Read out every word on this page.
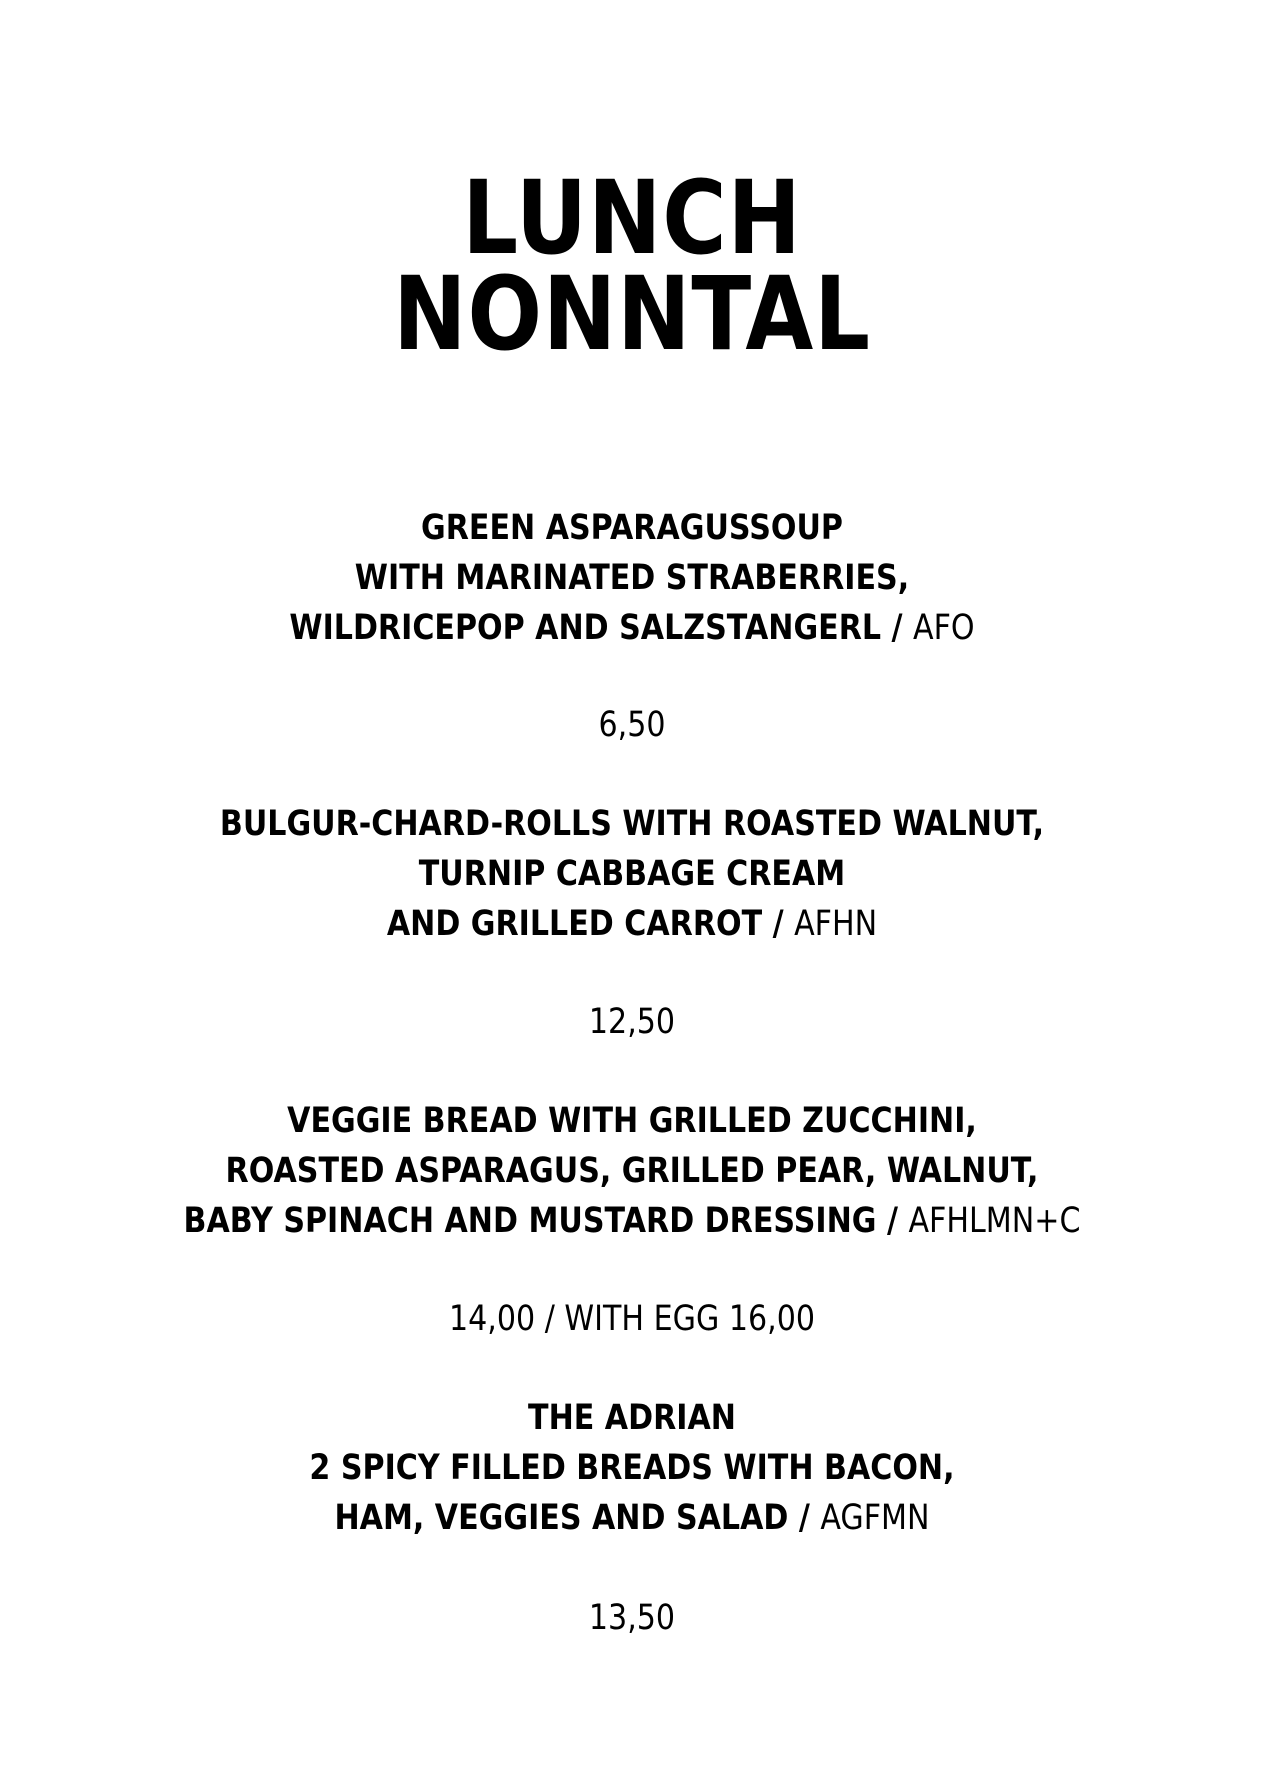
LUNCH
NONNTAL
GREEN ASPARAGUSSOUP
WITH MARINATED STRABERRIES,
WILDRICEPOP AND SALZSTANGERL / AFO
6,50
BULGUR-CHARD-ROLLS WITH ROASTED WALNUT,
TURNIP CABBAGE CREAM
AND GRILLED CARROT / AFHN
12,50
VEGGIE BREAD WITH GRILLED ZUCCHINI,
ROASTED ASPARAGUS, GRILLED PEAR, WALNUT,
BABY SPINACH AND MUSTARD DRESSING / AFHLMN+C
14,00 / WITH EGG 16,00
THE ADRIAN
2 SPICY FILLED BREADS WITH BACON,
HAM, VEGGIES AND SALAD / AGFMN
13,50
